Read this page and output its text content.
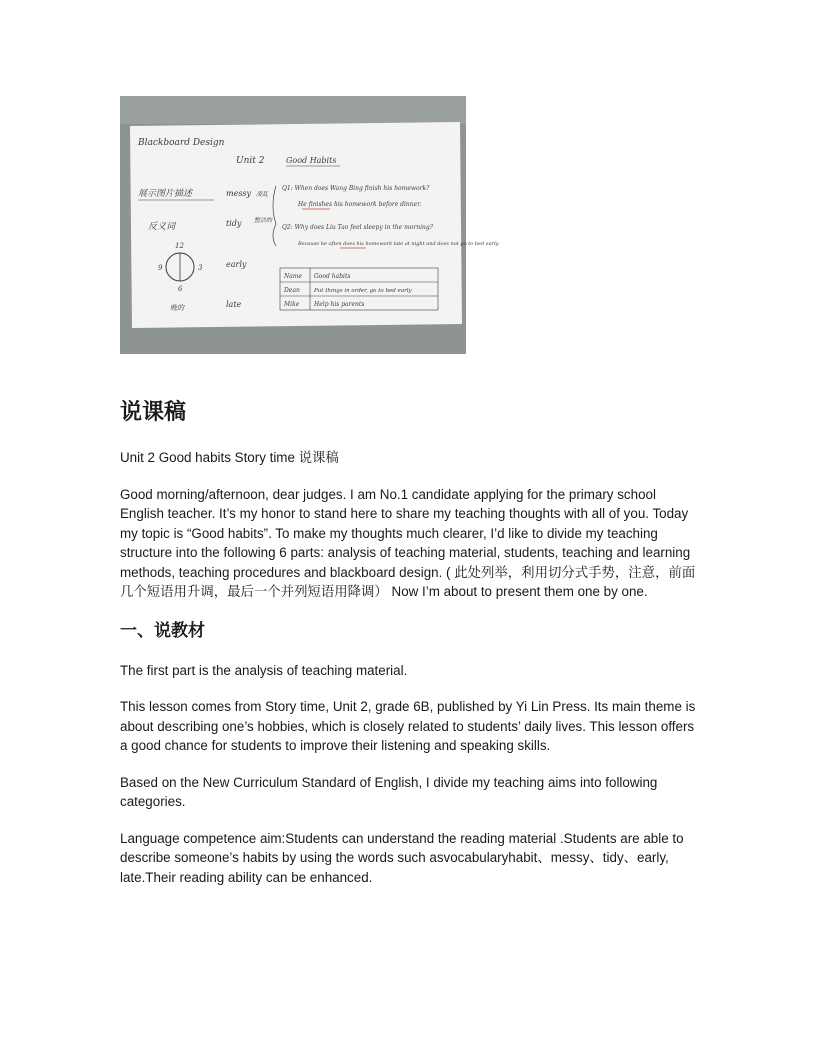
Blackboard Design
Unit 2	Good Habits
展示图片描述
反义词
messy
tidy
early
late
凌乱
整洁的
Q1: When does Wang Bing finish his homework?
He finishes his homework before dinner.
Q2: Why does Liu Tao feel sleepy in the morning?
Because he often does his homework late at night and does not go to bed early.
12
3
6
9
晚的
Name Good habits
Dean	Put things in order, go to bed early
Mike Help his parents
说课稿

Unit 2 Good habits Story time 说课稿

Good morning/afternoon, dear judges. I am No.1 candidate applying for the primary school English teacher. It’s my honor to stand here to share my teaching thoughts with all of you. Today my topic is “Good habits”. To make my thoughts much clearer, I’d like to divide my teaching structure into the following 6 parts: analysis of teaching material, students, teaching and learning methods, teaching procedures and blackboard design. ( 此处列举，利用切分式手势，注意，前面几个短语用升调，最后一个并列短语用降调） Now I’m about to present them one by one.

一、说教材

The first part is the analysis of teaching material.

This lesson comes from Story time, Unit 2, grade 6B, published by Yi Lin Press. Its main theme is about describing one’s hobbies, which is closely related to students’ daily lives. This lesson offers a good chance for students to improve their listening and speaking skills.

Based on the New Curriculum Standard of English, I divide my teaching aims into following categories.

Language competence aim:Students can understand the reading material .Students are able to describe someone’s habits by using the words such asvocabularyhabit、messy、tidy、early, late.Their reading ability can be enhanced.
